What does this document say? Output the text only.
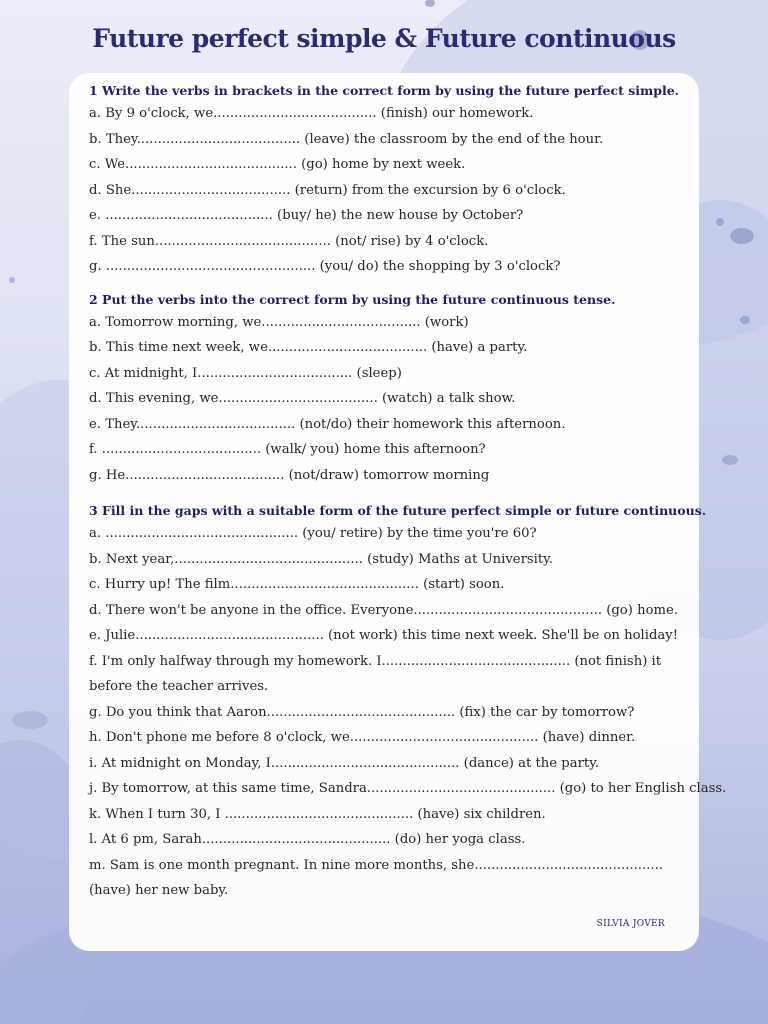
Future perfect simple & Future continuous
1 Write the verbs in brackets in the correct form by using the future perfect simple.
a. By 9 o'clock, we....................................... (finish) our homework.
b. They....................................... (leave) the classroom by the end of the hour.
c. We......................................... (go) home by next week.
d. She...................................... (return) from the excursion by 6 o'clock.
e. ........................................ (buy/ he) the new house by October?
f. The sun.......................................... (not/ rise) by 4 o'clock.
g. .................................................. (you/ do) the shopping by 3 o'clock?
2 Put the verbs into the correct form by using the future continuous tense.
a. Tomorrow morning, we...................................... (work)
b. This time next week, we...................................... (have) a party.
c. At midnight, I..................................... (sleep)
d. This evening, we...................................... (watch) a talk show.
e. They...................................... (not/do) their homework this afternoon.
f. ...................................... (walk/ you) home this afternoon?
g. He...................................... (not/draw) tomorrow morning
3 Fill in the gaps with a suitable form of the future perfect simple or future continuous.
a. .............................................. (you/ retire) by the time you're 60?
b. Next year,............................................. (study) Maths at University.
c. Hurry up! The film............................................. (start) soon.
d. There won't be anyone in the office. Everyone............................................. (go) home.
e. Julie............................................. (not work) this time next week. She'll be on holiday!
f. I'm only halfway through my homework. I............................................. (not finish) it before the teacher arrives.
g. Do you think that Aaron............................................. (fix) the car by tomorrow?
h. Don't phone me before 8 o'clock, we............................................. (have) dinner.
i. At midnight on Monday, I............................................. (dance) at the party.
j. By tomorrow, at this same time, Sandra............................................. (go) to her English class.
k. When I turn 30, I ............................................. (have) six children.
l. At 6 pm, Sarah............................................. (do) her yoga class.
m. Sam is one month pregnant. In nine more months, she............................................. (have) her new baby.
SILVIA JOVER
